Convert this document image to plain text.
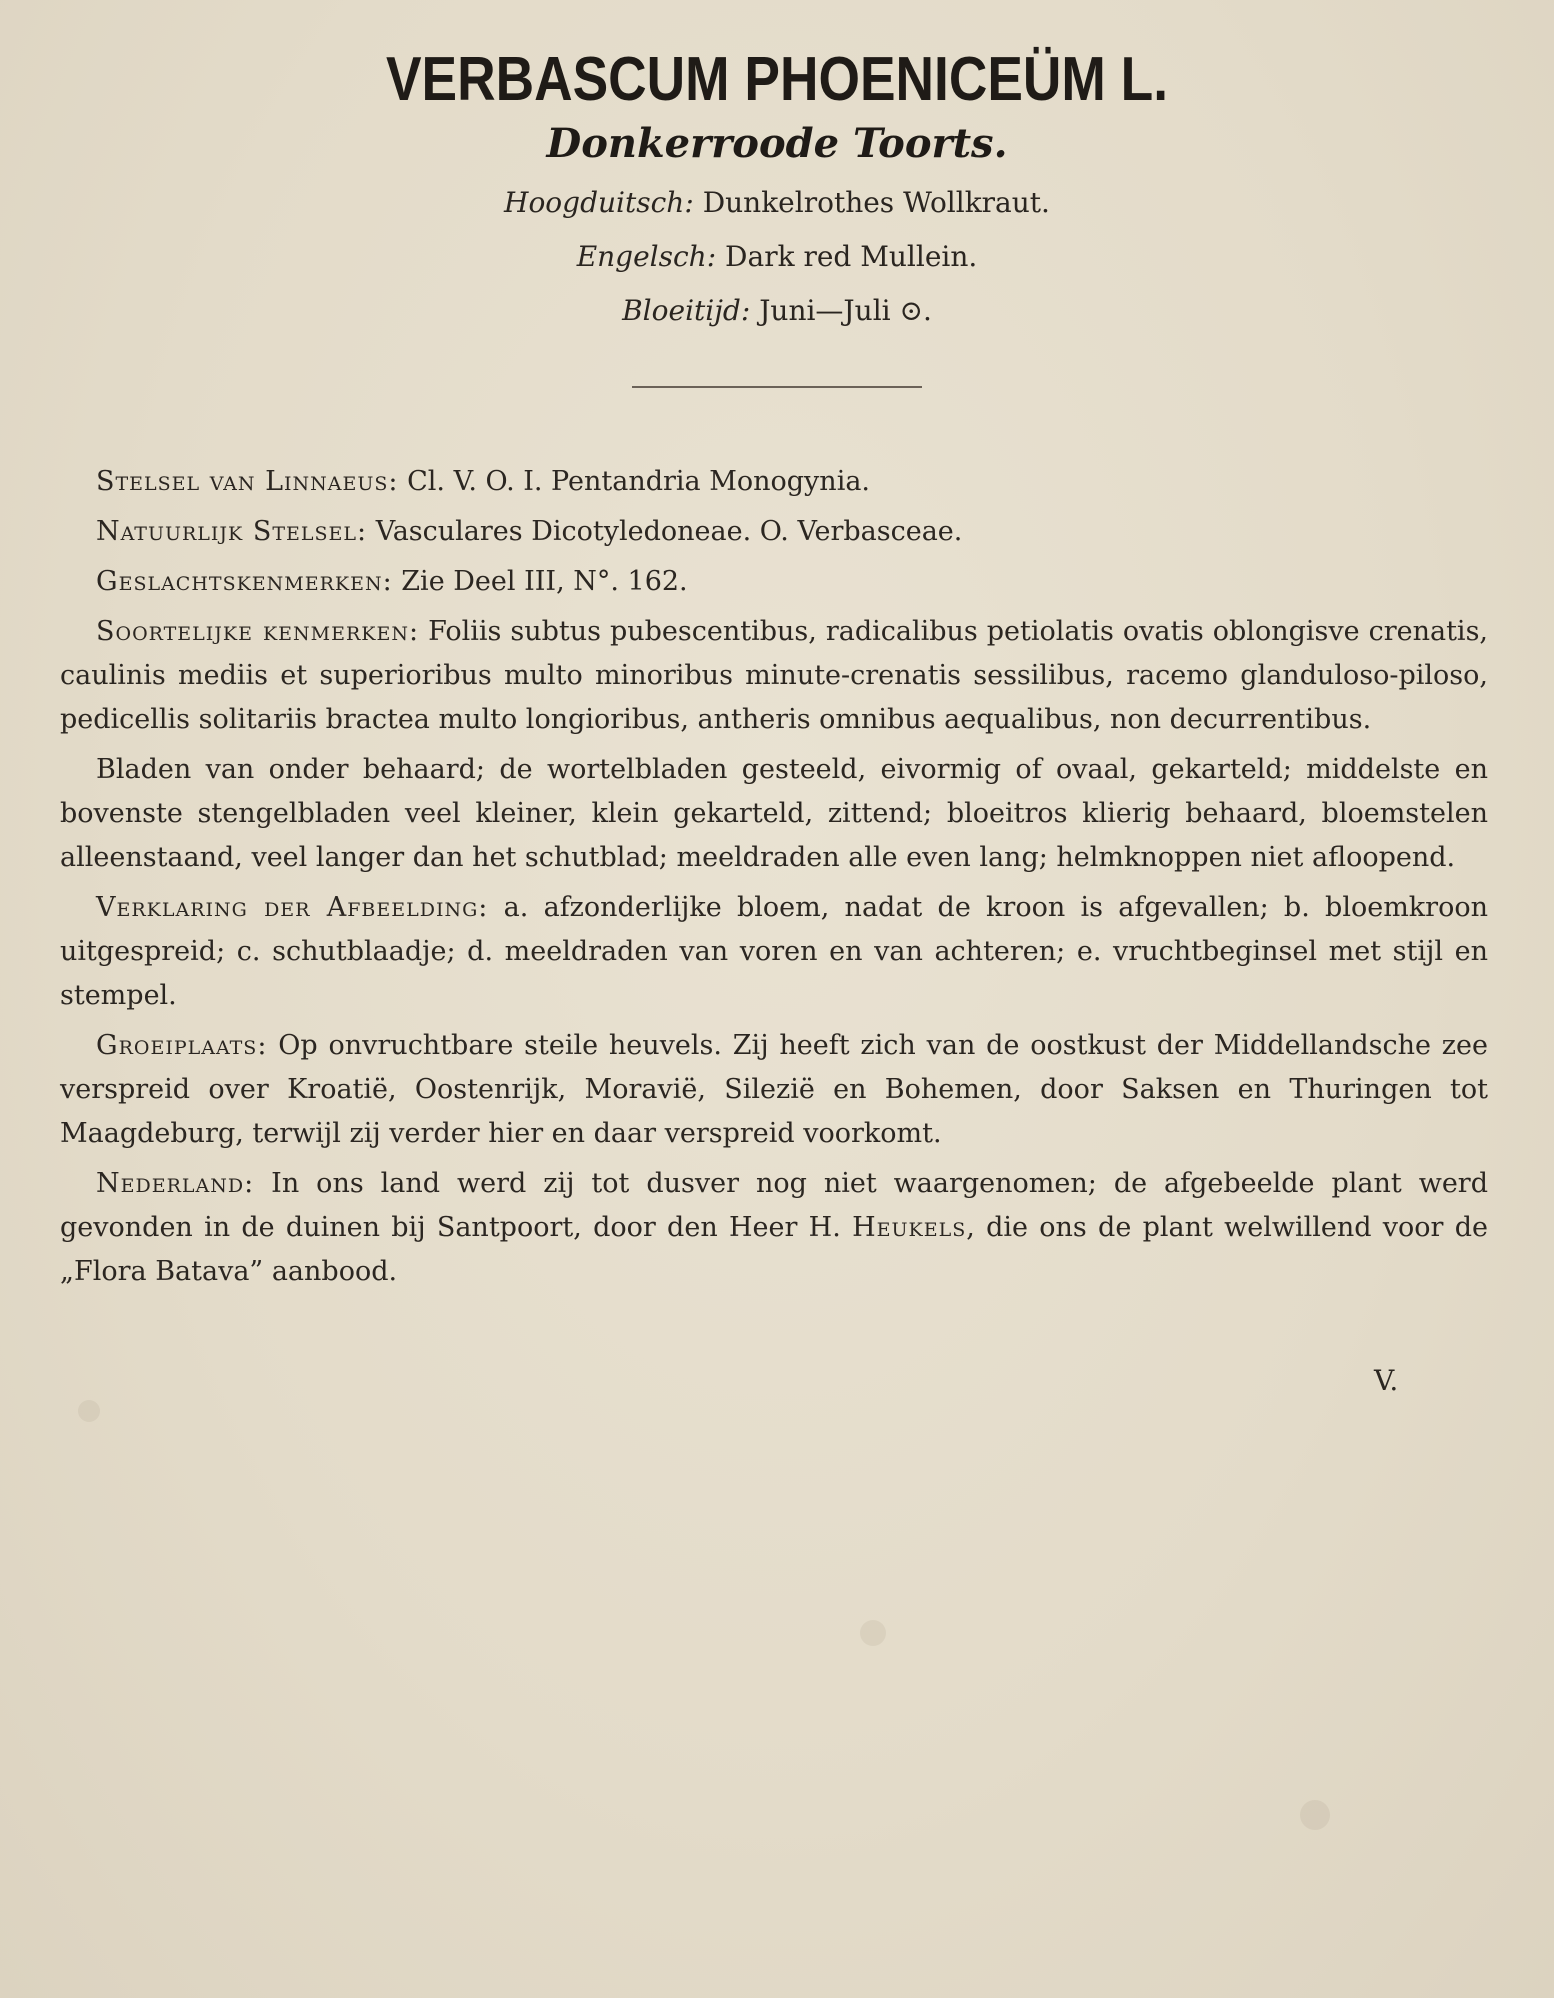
VERBASCUM PHOENICEÜM L.
Donkerroode Toorts.
Hoogduitsch: Dunkelrothes Wollkraut.
Engelsch: Dark red Mullein.
Bloeitijd: Juni—Juli ⊙.

Stelsel van Linnaeus: Cl. V. O. I. Pentandria Monogynia.

Natuurlijk Stelsel: Vasculares Dicotyledoneae. O. Verbasceae.

Geslachtskenmerken: Zie Deel III, N°. 162.

Soortelijke kenmerken: Foliis subtus pubescentibus, radicalibus petiolatis ovatis oblongisve crenatis, caulinis mediis et superioribus multo minoribus minute-crenatis sessilibus, racemo glanduloso-piloso, pedicellis solitariis bractea multo longioribus, antheris omnibus aequalibus, non decurrentibus.

Bladen van onder behaard; de wortelbladen gesteeld, eivormig of ovaal, gekarteld; middelste en bovenste stengelbladen veel kleiner, klein gekarteld, zittend; bloeitros klierig behaard, bloemstelen alleenstaand, veel langer dan het schutblad; meeldraden alle even lang; helmknoppen niet afloopend.

Verklaring der Afbeelding: a. afzonderlijke bloem, nadat de kroon is afgevallen; b. bloemkroon uitgespreid; c. schutblaadje; d. meeldraden van voren en van achteren; e. vruchtbeginsel met stijl en stempel.

Groeiplaats: Op onvruchtbare steile heuvels. Zij heeft zich van de oostkust der Middellandsche zee verspreid over Kroatië, Oostenrijk, Moravië, Silezië en Bohemen, door Saksen en Thuringen tot Maagdeburg, terwijl zij verder hier en daar verspreid voorkomt.

Nederland: In ons land werd zij tot dusver nog niet waargenomen; de afgebeelde plant werd gevonden in de duinen bij Santpoort, door den Heer H. Heukels, die ons de plant welwillend voor de „Flora Batava” aanbood.

V.
